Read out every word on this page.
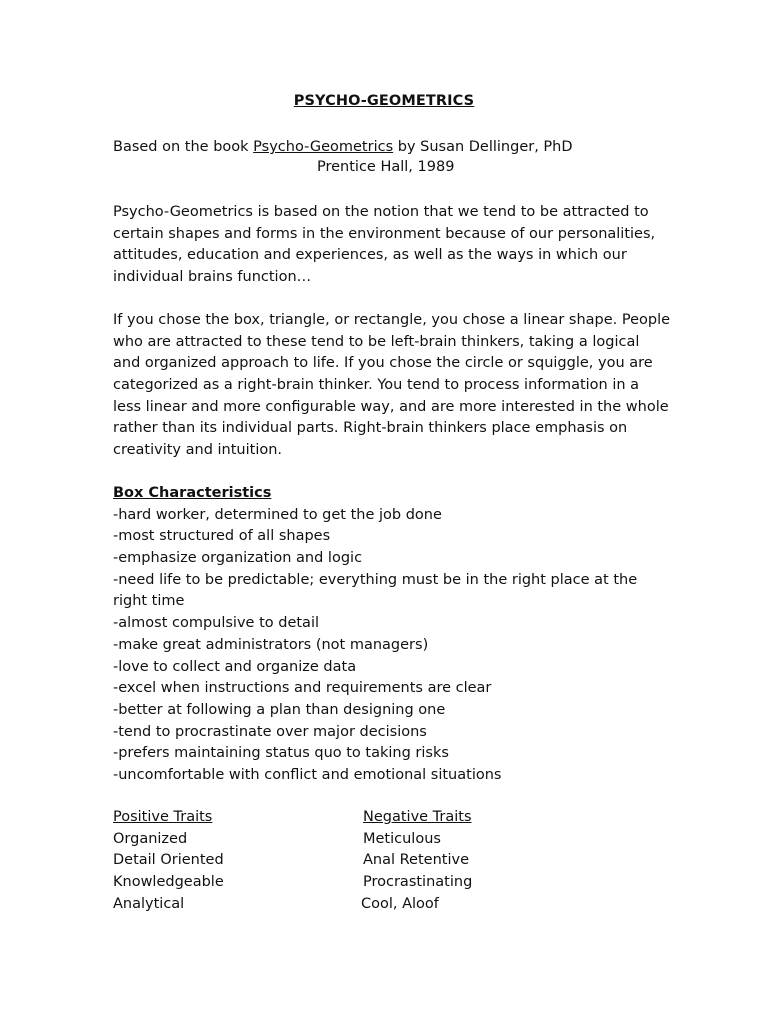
PSYCHO-GEOMETRICS
Based on the book Psycho-Geometrics by Susan Dellinger, PhD
Prentice Hall, 1989
Psycho-Geometrics is based on the notion that we tend to be attracted to
certain shapes and forms in the environment because of our personalities,
attitudes, education and experiences, as well as the ways in which our
individual brains function…
If you chose the box, triangle, or rectangle, you chose a linear shape. People
who are attracted to these tend to be left-brain thinkers, taking a logical
and organized approach to life. If you chose the circle or squiggle, you are
categorized as a right-brain thinker. You tend to process information in a
less linear and more configurable way, and are more interested in the whole
rather than its individual parts. Right-brain thinkers place emphasis on
creativity and intuition.
Box Characteristics
-hard worker, determined to get the job done
-most structured of all shapes
-emphasize organization and logic
-need life to be predictable; everything must be in the right place at the
right time
-almost compulsive to detail
-make great administrators (not managers)
-love to collect and organize data
-excel when instructions and requirements are clear
-better at following a plan than designing one
-tend to procrastinate over major decisions
-prefers maintaining status quo to taking risks
-uncomfortable with conflict and emotional situations
Positive Traits	Negative Traits
Organized	Meticulous
Detail Oriented	Anal Retentive
Knowledgeable	Procrastinating
Analytical	Cool, Aloof
